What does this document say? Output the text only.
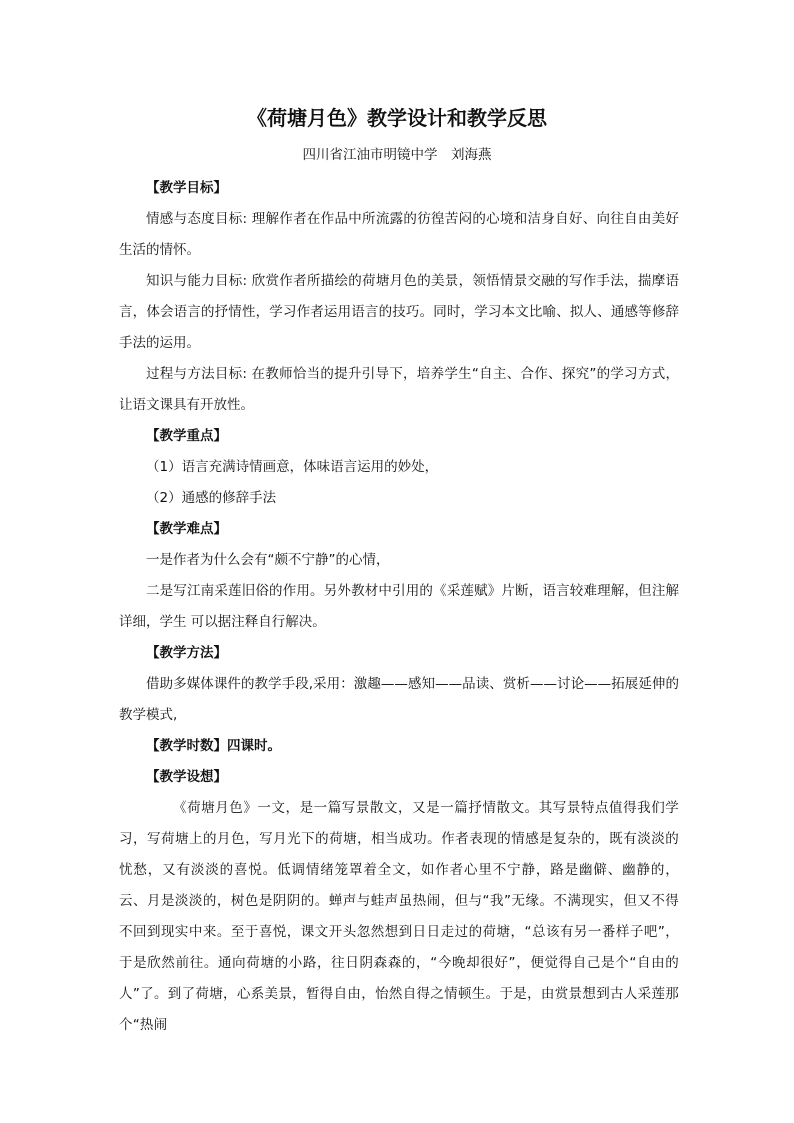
《荷塘月色》教学设计和教学反思

四川省江油市明镜中学　刘海燕

【教学目标】

情感与态度目标: 理解作者在作品中所流露的彷徨苦闷的心境和洁身自好、向往自由美好生活的情怀。

知识与能力目标: 欣赏作者所描绘的荷塘月色的美景，领悟情景交融的写作手法，揣摩语言，体会语言的抒情性，学习作者运用语言的技巧。同时，学习本文比喻、拟人、通感等修辞手法的运用。

过程与方法目标: 在教师恰当的提升引导下，培养学生“自主、合作、探究”的学习方式，让语文课具有开放性。

【教学重点】

（1）语言充满诗情画意，体味语言运用的妙处，

（2）通感的修辞手法

【教学难点】

一是作者为什么会有“颇不宁静”的心情，

二是写江南采莲旧俗的作用。另外教材中引用的《采莲赋》片断，语言较难理解，但注解详细，学生 可以据注释自行解决。

【教学方法】

借助多媒体课件的教学手段,采用：激趣——感知——品读、赏析——讨论——拓展延伸的教学模式,

【教学时数】四课时。

【教学设想】

《荷塘月色》一文，是一篇写景散文，又是一篇抒情散文。其写景特点值得我们学习，写荷塘上的月色，写月光下的荷塘，相当成功。作者表现的情感是复杂的，既有淡淡的忧愁，又有淡淡的喜悦。低调情绪笼罩着全文，如作者心里不宁静，路是幽僻、幽静的，云、月是淡淡的，树色是阴阴的。蝉声与蛙声虽热闹，但与“我”无缘。不满现实，但又不得不回到现实中来。至于喜悦，课文开头忽然想到日日走过的荷塘，“总该有另一番样子吧”，于是欣然前往。通向荷塘的小路，往日阴森森的，“今晚却很好”，便觉得自己是个“自由的人”了。到了荷塘，心系美景，暂得自由，怡然自得之情顿生。于是，由赏景想到古人采莲那个“热闹
